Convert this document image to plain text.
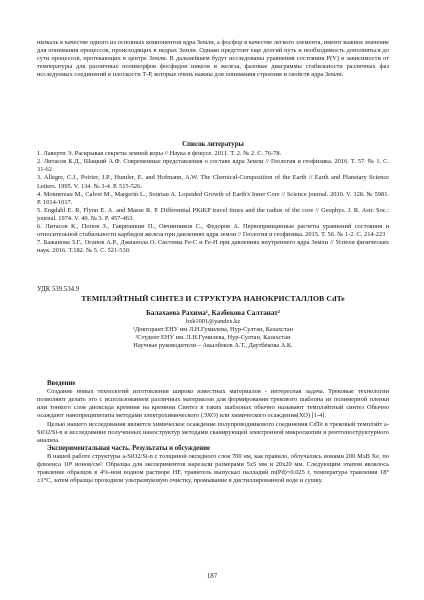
низкаль в качестве одного из основных компонентов ядра Земли, а фосфор в качестве легкого элемента, имеют важное значение для понимания процессов, происходящих в недрах Земли. Однако предстоит еще долгий путь и необходимость дополняться до сути процессов, протекающих в центре Земли. В дальнейшем будут исследованы уравнения состояния P(V) в зависимости от температуры для различных полиморфов фосфидов никеля и железа, фазовые диаграммы стабильности различных фаз исследуемых соединений в плоскости Т-Р, которые очень важны для понимания строения и свойств ядра Земли.

Список литературы

1. Лаверти Э. Раскрывая секреты земной коры // Наука в фокусе. 2011. Т. 2. № 2. С. 76-78.

2. Литасов К.Д., Шацкий А.Ф. Современные представления о составе ядра Земли // Геология и геофизика. 2016. Т. 57. № 1. С. 31-62

3. Allegre, C.J., Poirier, J.P., Humler, E. and Hofmann, A.W. The Chemical-Composition of the Earth // Earth and Planetary Science Letters. 1995. V. 134. № 3-4. P. 515-526.

4. Monnereau M., Calvet M., Margerin L., Souriau A. Lopsided Growth of Earth's Inner Core // Science journal. 2010. V. 328. № 5981. P. 1014-1017.

5. Engdahl E. R, Flynn E. A. and Masse R. P. Differential PKiKP travel times and the radius of the core // Geophys. J. R. Astr. Soc.: journal. 1974. V. 40. № 3. P. 457-463.

6. Литасов К., Попов З., Гаврюшкин П., Овчинников С., Федоров А. Первопринципные расчеты уравнений состояния и относительной стабильности карбидов железа при давлениях ядра земли // Геология и геофизика. 2015. Т. 56. № 1-2. С. 214-223

7. Бажанова З.Г., Оганов А.Р., Джианола О. Системы Fe-C и Fe-H при давлениях внутреннего ядра Земли // Успехи физических наук. 2016. Т.182. № 5. С. 521-530.

УДК 539.534.9

ТЕМПЛЭЙТНЫЙ СИНТЕЗ И СТРУКТУРА НАНОКРИСТАЛЛОВ CdTe

Балахаева Рахима¹, Казбекова Салтанат²

bxk1001@yandex.kz

¹Докторант ЕНУ им Л.Н.Гумилева, Нур-Султан, Казахстан

²Студент ЕНУ им. Л.Н.Гумилева, Нур-Султан, Казахстан

Научные руководители – Акылбеков А.Т., Даутбекова А.К.

Введение

Создание новых технологий изготовления широко известных материалов - интересная задача. Трековые технологии позволяют делать это с использованием различных материалов для формирования трекового шаблона из полимерной пленки или тонкого слоя диоксида кремния на кремнии Синтез в таких шаблонах обычно называют темплэйтный синтез Обычно осаждают нанопреципитаты методами электрохимического (ЭХО) или химического осаждения(ХО) [1-4].

Целью нашего исследования является химическое осаждение полупроводникового соединения CdTe в трековый темплэйт a-SiO2/Si-n и исследование полученных наноструктур методами сканирующей электронной микроскопии и рентгеноструктурного анализа.

Экспериментальная часть. Результаты и обсуждение

В нашей работе структуры a-SiO2/Si-n с толщиной оксидного слоя 700 нм, как правило, облучались ионами 200 МэВ Xe, по флюенса 10⁸ ионов/см². Образцы для экспериментов нарезали размерами 5x5 мм и 20x20 мм. Следующим этапом являлось травление образцов в 4%-ном водном растворе HF, травитель выпускал палладий m(Pd)=0.025 г, температура травления 18°±1°C, затем образцы проходили ультразвуковую очистку, промывание в дистиллированной воде и сушку.

187
